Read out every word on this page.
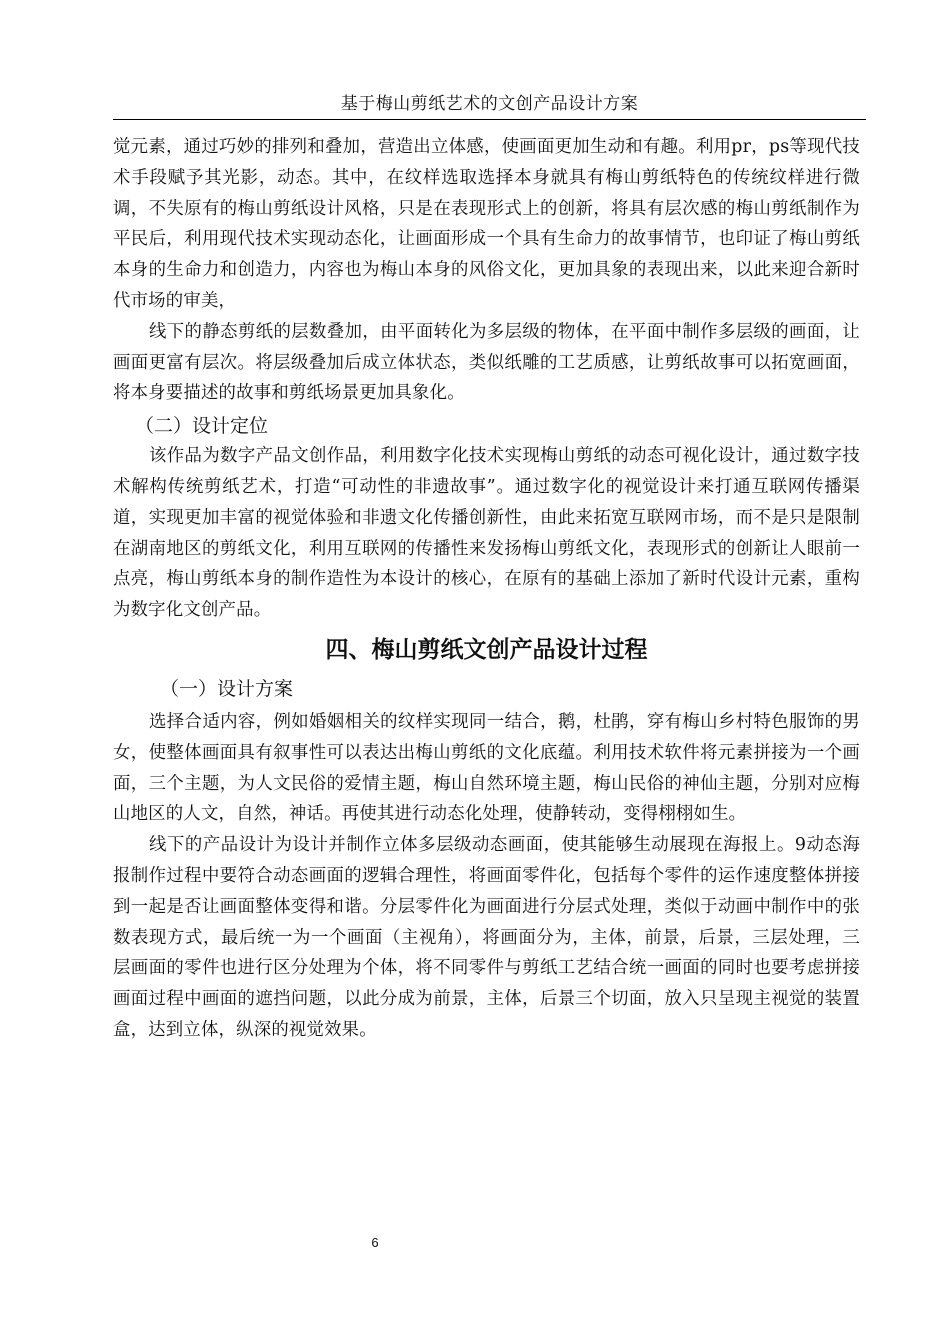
基于梅山剪纸艺术的文创产品设计方案

觉元素，通过巧妙的排列和叠加，营造出立体感，使画面更加生动和有趣。利用pr，ps等现代技术手段赋予其光影，动态。其中，在纹样选取选择本身就具有梅山剪纸特色的传统纹样进行微调，不失原有的梅山剪纸设计风格，只是在表现形式上的创新，将具有层次感的梅山剪纸制作为平民后，利用现代技术实现动态化，让画面形成一个具有生命力的故事情节，也印证了梅山剪纸本身的生命力和创造力，内容也为梅山本身的风俗文化，更加具象的表现出来，以此来迎合新时代市场的审美，

线下的静态剪纸的层数叠加，由平面转化为多层级的物体，在平面中制作多层级的画面，让画面更富有层次。将层级叠加后成立体状态，类似纸雕的工艺质感，让剪纸故事可以拓宽画面，将本身要描述的故事和剪纸场景更加具象化。

（二）设计定位

该作品为数字产品文创作品，利用数字化技术实现梅山剪纸的动态可视化设计，通过数字技术解构传统剪纸艺术，打造“可动性的非遗故事”。通过数字化的视觉设计来打通互联网传播渠道，实现更加丰富的视觉体验和非遗文化传播创新性，由此来拓宽互联网市场，而不是只是限制在湖南地区的剪纸文化，利用互联网的传播性来发扬梅山剪纸文化，表现形式的创新让人眼前一点亮，梅山剪纸本身的制作造性为本设计的核心，在原有的基础上添加了新时代设计元素，重构为数字化文创产品。

四、梅山剪纸文创产品设计过程
（一）设计方案

选择合适内容，例如婚姻相关的纹样实现同一结合，鹅，杜鹃，穿有梅山乡村特色服饰的男女，使整体画面具有叙事性可以表达出梅山剪纸的文化底蕴。利用技术软件将元素拼接为一个画面，三个主题，为人文民俗的爱情主题，梅山自然环境主题，梅山民俗的神仙主题，分别对应梅山地区的人文，自然，神话。再使其进行动态化处理，使静转动，变得栩栩如生。

线下的产品设计为设计并制作立体多层级动态画面，使其能够生动展现在海报上。9动态海报制作过程中要符合动态画面的逻辑合理性，将画面零件化，包括每个零件的运作速度整体拼接到一起是否让画面整体变得和谐。分层零件化为画面进行分层式处理，类似于动画中制作中的张数表现方式，最后统一为一个画面（主视角），将画面分为，主体，前景，后景，三层处理，三层画面的零件也进行区分处理为个体，将不同零件与剪纸工艺结合统一画面的同时也要考虑拼接画面过程中画面的遮挡问题，以此分成为前景，主体，后景三个切面，放入只呈现主视觉的装置盒，达到立体，纵深的视觉效果。

6
